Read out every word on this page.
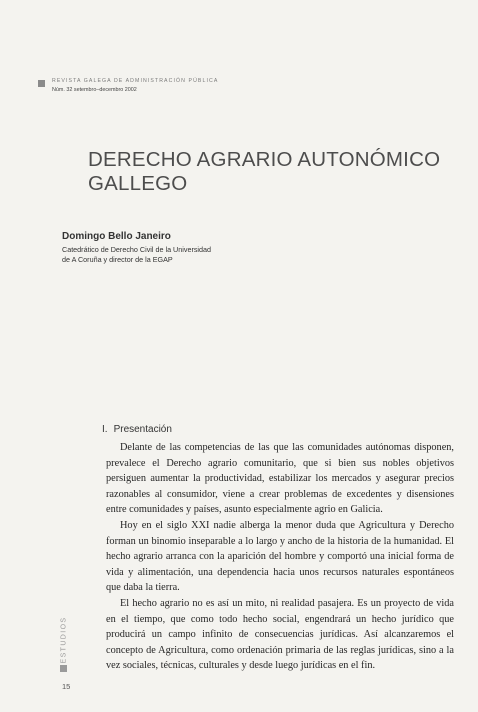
REVISTA GALEGA DE ADMINISTRACIÓN PÚBLICA
Núm. 32 setembro–decembro 2002
DERECHO AGRARIO AUTONÓMICO
GALLEGO
Domingo Bello Janeiro
Catedrático de Derecho Civil de la Universidad
de A Coruña y director de la EGAP
I. Presentación

Delante de las competencias de las que las comunidades autónomas disponen, prevalece el Derecho agrario comunitario, que si bien sus nobles objetivos persiguen aumentar la productividad, estabilizar los mercados y asegurar precios razonables al consumidor, viene a crear problemas de excedentes y disensiones entre comunidades y países, asunto especialmente agrio en Galicia.

Hoy en el siglo XXI nadie alberga la menor duda que Agricultura y Derecho forman un binomio inseparable a lo largo y ancho de la historia de la humanidad. El hecho agrario arranca con la aparición del hombre y comportó una inicial forma de vida y alimentación, una dependencia hacia unos recursos naturales espontáneos que daba la tierra.

El hecho agrario no es así un mito, ni realidad pasajera. Es un proyecto de vida en el tiempo, que como todo hecho social, engendrará un hecho jurídico que producirá un campo infinito de consecuencias jurídicas. Así alcanzaremos el concepto de Agricultura, como ordenación primaria de las reglas jurídicas, sino a la vez sociales, técnicas, culturales y desde luego jurídicas en el fin.

ESTUDIOS
15
